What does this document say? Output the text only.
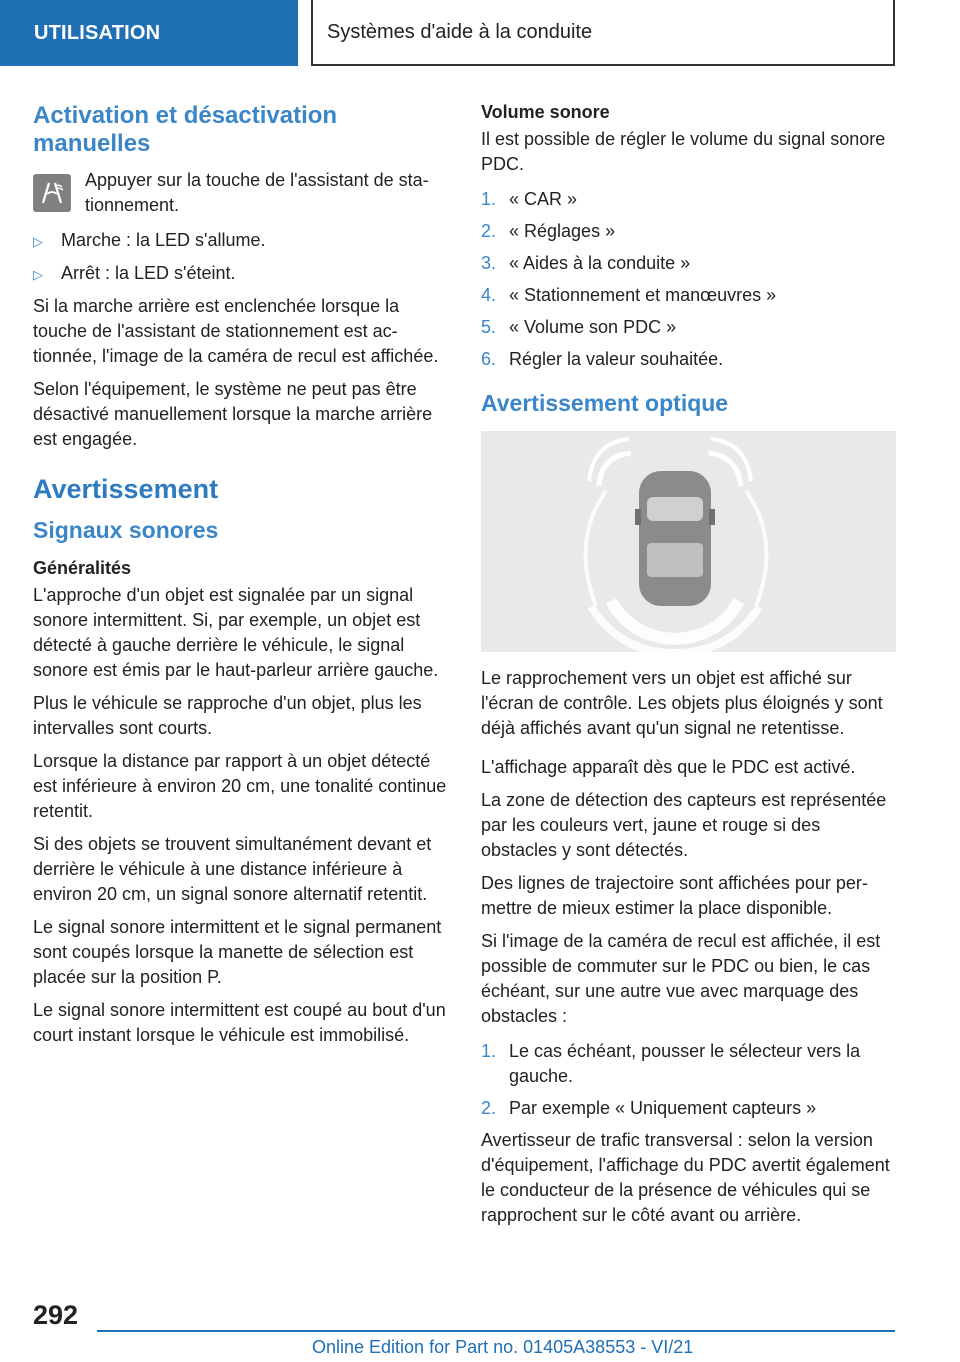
UTILISATION	Systèmes d'aide à la conduite
Activation et désactivation manuelles

Appuyer sur la touche de l'assistant de stationnement.

▷	Marche : la LED s'allume.
▷	Arrêt : la LED s'éteint.

Si la marche arrière est enclenchée lorsque la touche de l'assistant de stationnement est actionnée, l'image de la caméra de recul est affichée.

Selon l'équipement, le système ne peut pas être désactivé manuellement lorsque la marche arrière est engagée.

Avertissement
Signaux sonores
Généralités

L'approche d'un objet est signalée par un signal sonore intermittent. Si, par exemple, un objet est détecté à gauche derrière le véhicule, le signal sonore est émis par le haut-parleur arrière gauche.

Plus le véhicule se rapproche d'un objet, plus les intervalles sont courts.

Lorsque la distance par rapport à un objet détecté est inférieure à environ 20 cm, une tonalité continue retentit.

Si des objets se trouvent simultanément devant et derrière le véhicule à une distance inférieure à environ 20 cm, un signal sonore alternatif retentit.

Le signal sonore intermittent et le signal permanent sont coupés lorsque la manette de sélection est placée sur la position P.

Le signal sonore intermittent est coupé au bout d'un court instant lorsque le véhicule est immobilisé.

Volume sonore

Il est possible de régler le volume du signal sonore PDC.

1. « CAR »
2. « Réglages »
3. « Aides à la conduite »
4. « Stationnement et manœuvres »
5. « Volume son PDC »
6. Régler la valeur souhaitée.
Avertissement optique

Le rapprochement vers un objet est affiché sur l'écran de contrôle. Les objets plus éloignés y sont déjà affichés avant qu'un signal ne retentisse.

L'affichage apparaît dès que le PDC est activé.

La zone de détection des capteurs est représentée par les couleurs vert, jaune et rouge si des obstacles y sont détectés.

Des lignes de trajectoire sont affichées pour permettre de mieux estimer la place disponible.

Si l'image de la caméra de recul est affichée, il est possible de commuter sur le PDC ou bien, le cas échéant, sur une autre vue avec marquage des obstacles :

1. Le cas échéant, pousser le sélecteur vers la gauche.
2. Par exemple « Uniquement capteurs »

Avertisseur de trafic transversal : selon la version d'équipement, l'affichage du PDC avertit également le conducteur de la présence de véhicules qui se rapprochent sur le côté avant ou arrière.

292
Online Edition for Part no. 01405A38553 - VI/21
